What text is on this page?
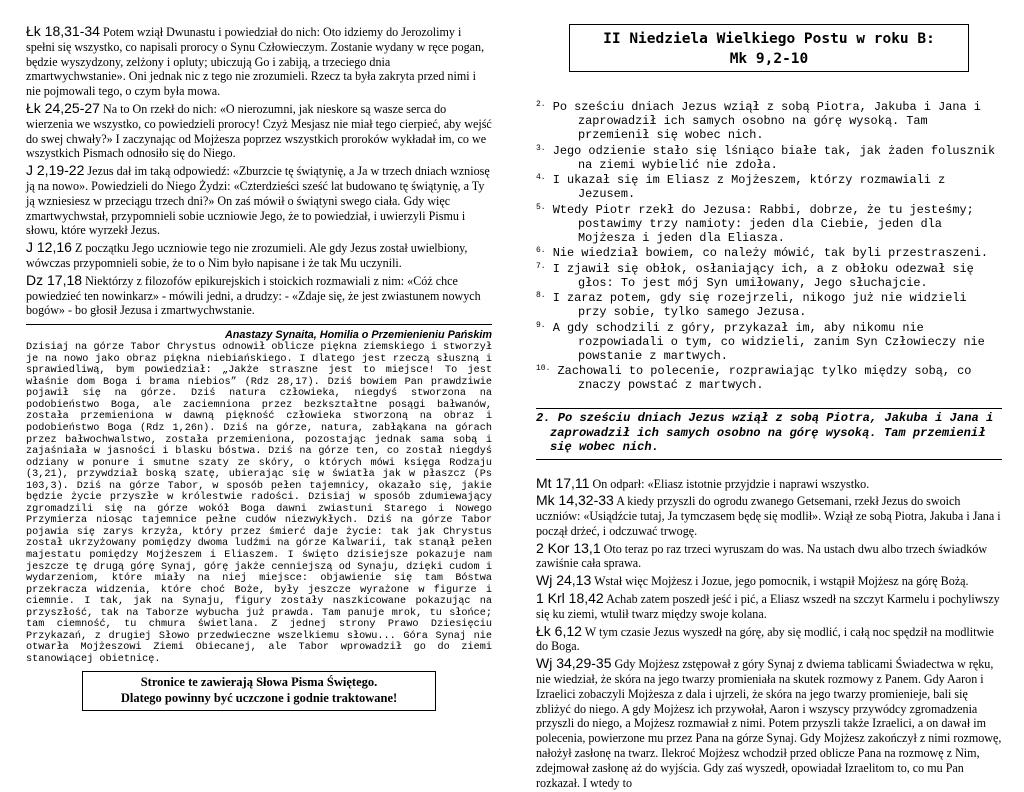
Łk 18,31-34 Potem wziął Dwunastu i powiedział do nich: Oto idziemy do Jerozolimy i spełni się wszystko, co napisali prorocy o Synu Człowieczym. Zostanie wydany w ręce pogan, będzie wyszydzony, zelżony i opluty; ubiczują Go i zabiją, a trzeciego dnia zmartwychwstanie». Oni jednak nic z tego nie zrozumieli. Rzecz ta była zakryta przed nimi i nie pojmowali tego, o czym była mowa.

Łk 24,25-27 Na to On rzekł do nich: «O nierozumni, jak nieskore są wasze serca do wierzenia we wszystko, co powiedzieli prorocy! Czyż Mesjasz nie miał tego cierpieć, aby wejść do swej chwały?» I zaczynając od Mojżesza poprzez wszystkich proroków wykładał im, co we wszystkich Pismach odnosiło się do Niego.

J 2,19-22 Jezus dał im taką odpowiedź: «Zburzcie tę świątynię, a Ja w trzech dniach wzniosę ją na nowo». Powiedzieli do Niego Żydzi: «Czterdzieści sześć lat budowano tę świątynię, a Ty ją wzniesiesz w przeciągu trzech dni?» On zaś mówił o świątyni swego ciała. Gdy więc zmartwychwstał, przypomnieli sobie uczniowie Jego, że to powiedział, i uwierzyli Pismu i słowu, które wyrzekł Jezus.

J 12,16 Z początku Jego uczniowie tego nie zrozumieli. Ale gdy Jezus został uwielbiony, wówczas przypomnieli sobie, że to o Nim było napisane i że tak Mu uczynili.

Dz 17,18 Niektórzy z filozofów epikurejskich i stoickich rozmawiali z nim: «Cóż chce powiedzieć ten nowinkarz» - mówili jedni, a drudzy: - «Zdaje się, że jest zwiastunem nowych bogów» - bo głosił Jezusa i zmartwychwstanie.

Anastazy Synaita, Homilia o Przemienieniu Pańskim

Dzisiaj na górze Tabor Chrystus odnowił oblicze piękna ziemskiego i stworzył je na nowo jako obraz piękna niebiańskiego. I dlatego jest rzeczą słuszną i sprawiedliwą, bym powiedział: „Jakże straszne jest to miejsce! To jest właśnie dom Boga i brama niebios” (Rdz 28,17). Dziś bowiem Pan prawdziwie pojawił się na górze. Dziś natura człowieka, niegdyś stworzona na podobieństwo Boga, ale zaciemniona przez bezkształtne posągi bałwanów, została przemieniona w dawną piękność człowieka stworzoną na obraz i podobieństwo Boga (Rdz 1,26n). Dziś na górze, natura, zabłąkana na górach przez bałwochwalstwo, została przemieniona, pozostając jednak sama sobą i zajaśniała w jasności i blasku bóstwa. Dziś na górze ten, co został niegdyś odziany w ponure i smutne szaty ze skóry, o których mówi księga Rodzaju (3,21), przywdział boską szatę, ubierając się w światła jak w płaszcz (Ps 103,3). Dziś na górze Tabor, w sposób pełen tajemnicy, okazało się, jakie będzie życie przyszłe w królestwie radości. Dzisiaj w sposób zdumiewający zgromadzili się na górze wokół Boga dawni zwiastuni Starego i Nowego Przymierza niosąc tajemnice pełne cudów niezwykłych. Dziś na górze Tabor pojawia się zarys krzyża, który przez śmierć daje życie: tak jak Chrystus został ukrzyżowany pomiędzy dwoma ludźmi na górze Kalwarii, tak stanął pełen majestatu pomiędzy Mojżeszem i Eliaszem. I święto dzisiejsze pokazuje nam jeszcze tę drugą górę Synaj, górę jakże cenniejszą od Synaju, dzięki cudom i wydarzeniom, które miały na niej miejsce: objawienie się tam Bóstwa przekracza widzenia, które choć Boże, były jeszcze wyrażone w figurze i ciemnie. I tak, jak na Synaju, figury zostały naszkicowane pokazując na przyszłość, tak na Taborze wybucha już prawda. Tam panuje mrok, tu słońce; tam ciemność, tu chmura świetlana. Z jednej strony Prawo Dziesięciu Przykazań, z drugiej Słowo przedwieczne wszelkiemu słowu... Góra Synaj nie otwarła Mojżeszowi Ziemi Obiecanej, ale Tabor wprowadził go do ziemi stanowiącej obietnicę.

Stronice te zawierają Słowa Pisma Świętego.
Dlatego powinny być uczczone i godnie traktowane!
II Niedziela Wielkiego Postu w roku B:
Mk 9,2-10

$^{2.}$ Po sześciu dniach Jezus wziął z sobą Piotra, Jakuba i Jana i zaprowadził ich samych osobno na górę wysoką. Tam przemienił się wobec nich.

$^{3.}$ Jego odzienie stało się lśniąco białe tak, jak żaden folusznik na ziemi wybielić nie zdoła.

$^{4.}$ I ukazał się im Eliasz z Mojżeszem, którzy rozmawiali z Jezusem.

$^{5.}$ Wtedy Piotr rzekł do Jezusa: Rabbi, dobrze, że tu jesteśmy; postawimy trzy namioty: jeden dla Ciebie, jeden dla Mojżesza i jeden dla Eliasza.

$^{6.}$ Nie wiedział bowiem, co należy mówić, tak byli przestraszeni.

$^{7.}$ I zjawił się obłok, osłaniający ich, a z obłoku odezwał się głos: To jest mój Syn umiłowany, Jego słuchajcie.

$^{8.}$ I zaraz potem, gdy się rozejrzeli, nikogo już nie widzieli przy sobie, tylko samego Jezusa.

$^{9.}$ A gdy schodzili z góry, przykazał im, aby nikomu nie rozpowiadali o tym, co widzieli, zanim Syn Człowieczy nie powstanie z martwych.

$^{10.}$ Zachowali to polecenie, rozprawiając tylko między sobą, co znaczy powstać z martwych.

2. Po sześciu dniach Jezus wziął z sobą Piotra, Jakuba i Jana i zaprowadził ich samych osobno na górę wysoką. Tam przemienił się wobec nich.

Mt 17,11 On odparł: «Eliasz istotnie przyjdzie i naprawi wszystko.

Mk 14,32-33 A kiedy przyszli do ogrodu zwanego Getsemani, rzekł Jezus do swoich uczniów: «Usiądźcie tutaj, Ja tymczasem będę się modlił». Wziął ze sobą Piotra, Jakuba i Jana i począł drżeć, i odczuwać trwogę.

2 Kor 13,1 Oto teraz po raz trzeci wyruszam do was. Na ustach dwu albo trzech świadków zawiśnie cała sprawa.

Wj 24,13 Wstał więc Mojżesz i Jozue, jego pomocnik, i wstąpił Mojżesz na górę Bożą.

1 Krl 18,42 Achab zatem poszedł jeść i pić, a Eliasz wszedł na szczyt Karmelu i pochyliwszy się ku ziemi, wtulił twarz między swoje kolana.

Łk 6,12 W tym czasie Jezus wyszedł na górę, aby się modlić, i całą noc spędził na modlitwie do Boga.

Wj 34,29-35 Gdy Mojżesz zstępował z góry Synaj z dwiema tablicami Świadectwa w ręku, nie wiedział, że skóra na jego twarzy promieniała na skutek rozmowy z Panem. Gdy Aaron i Izraelici zobaczyli Mojżesza z dala i ujrzeli, że skóra na jego twarzy promienieje, bali się zbliżyć do niego. A gdy Mojżesz ich przywołał, Aaron i wszyscy przywódcy zgromadzenia przyszli do niego, a Mojżesz rozmawiał z nimi. Potem przyszli także Izraelici, a on dawał im polecenia, powierzone mu przez Pana na górze Synaj. Gdy Mojżesz zakończył z nimi rozmowę, nałożył zasłonę na twarz. Ilekroć Mojżesz wchodził przed oblicze Pana na rozmowę z Nim, zdejmował zasłonę aż do wyjścia. Gdy zaś wyszedł, opowiadał Izraelitom to, co mu Pan rozkazał. I wtedy to
